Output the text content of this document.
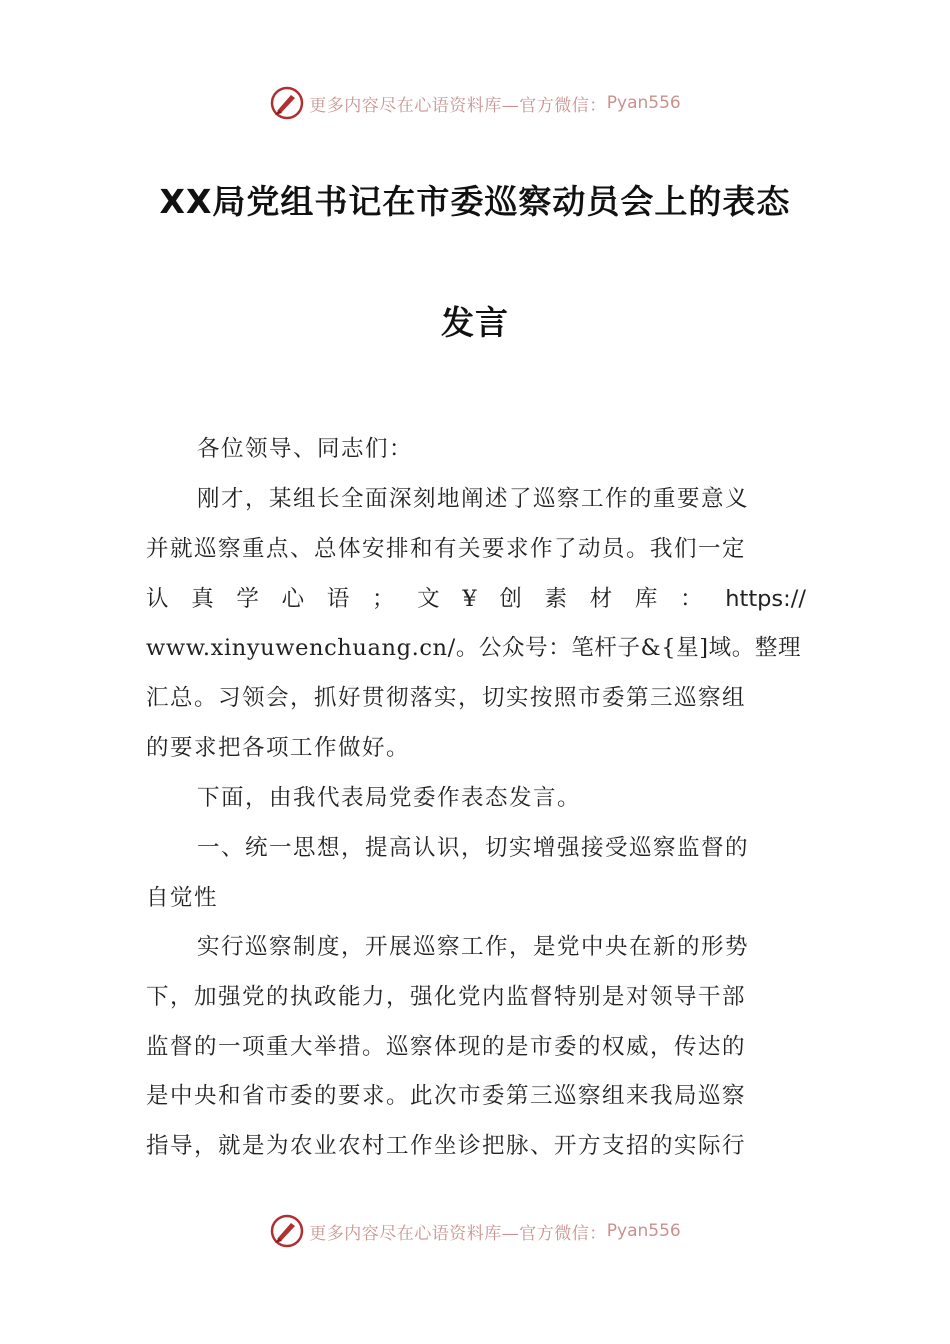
更多内容尽在心语资料库—官方微信： Pyan556
XX局党组书记在市委巡察动员会上的表态
发言
各位领导、同志们：
刚才，某组长全面深刻地阐述了巡察工作的重要意义
并就巡察重点、总体安排和有关要求作了动员。我们一定
认 真 学 心 语 ； 文 ¥ 创 素 材 库 ： https://
www.xinyuwenchuang.cn/。公众号：笔杆子&{星]域。整理
汇总。习领会，抓好贯彻落实，切实按照市委第三巡察组
的要求把各项工作做好。
下面，由我代表局党委作表态发言。
一、统一思想，提高认识，切实增强接受巡察监督的
自觉性
实行巡察制度，开展巡察工作，是党中央在新的形势
下，加强党的执政能力，强化党内监督特别是对领导干部
监督的一项重大举措。巡察体现的是市委的权威，传达的
是中央和省市委的要求。此次市委第三巡察组来我局巡察
指导，就是为农业农村工作坐诊把脉、开方支招的实际行
更多内容尽在心语资料库—官方微信： Pyan556
